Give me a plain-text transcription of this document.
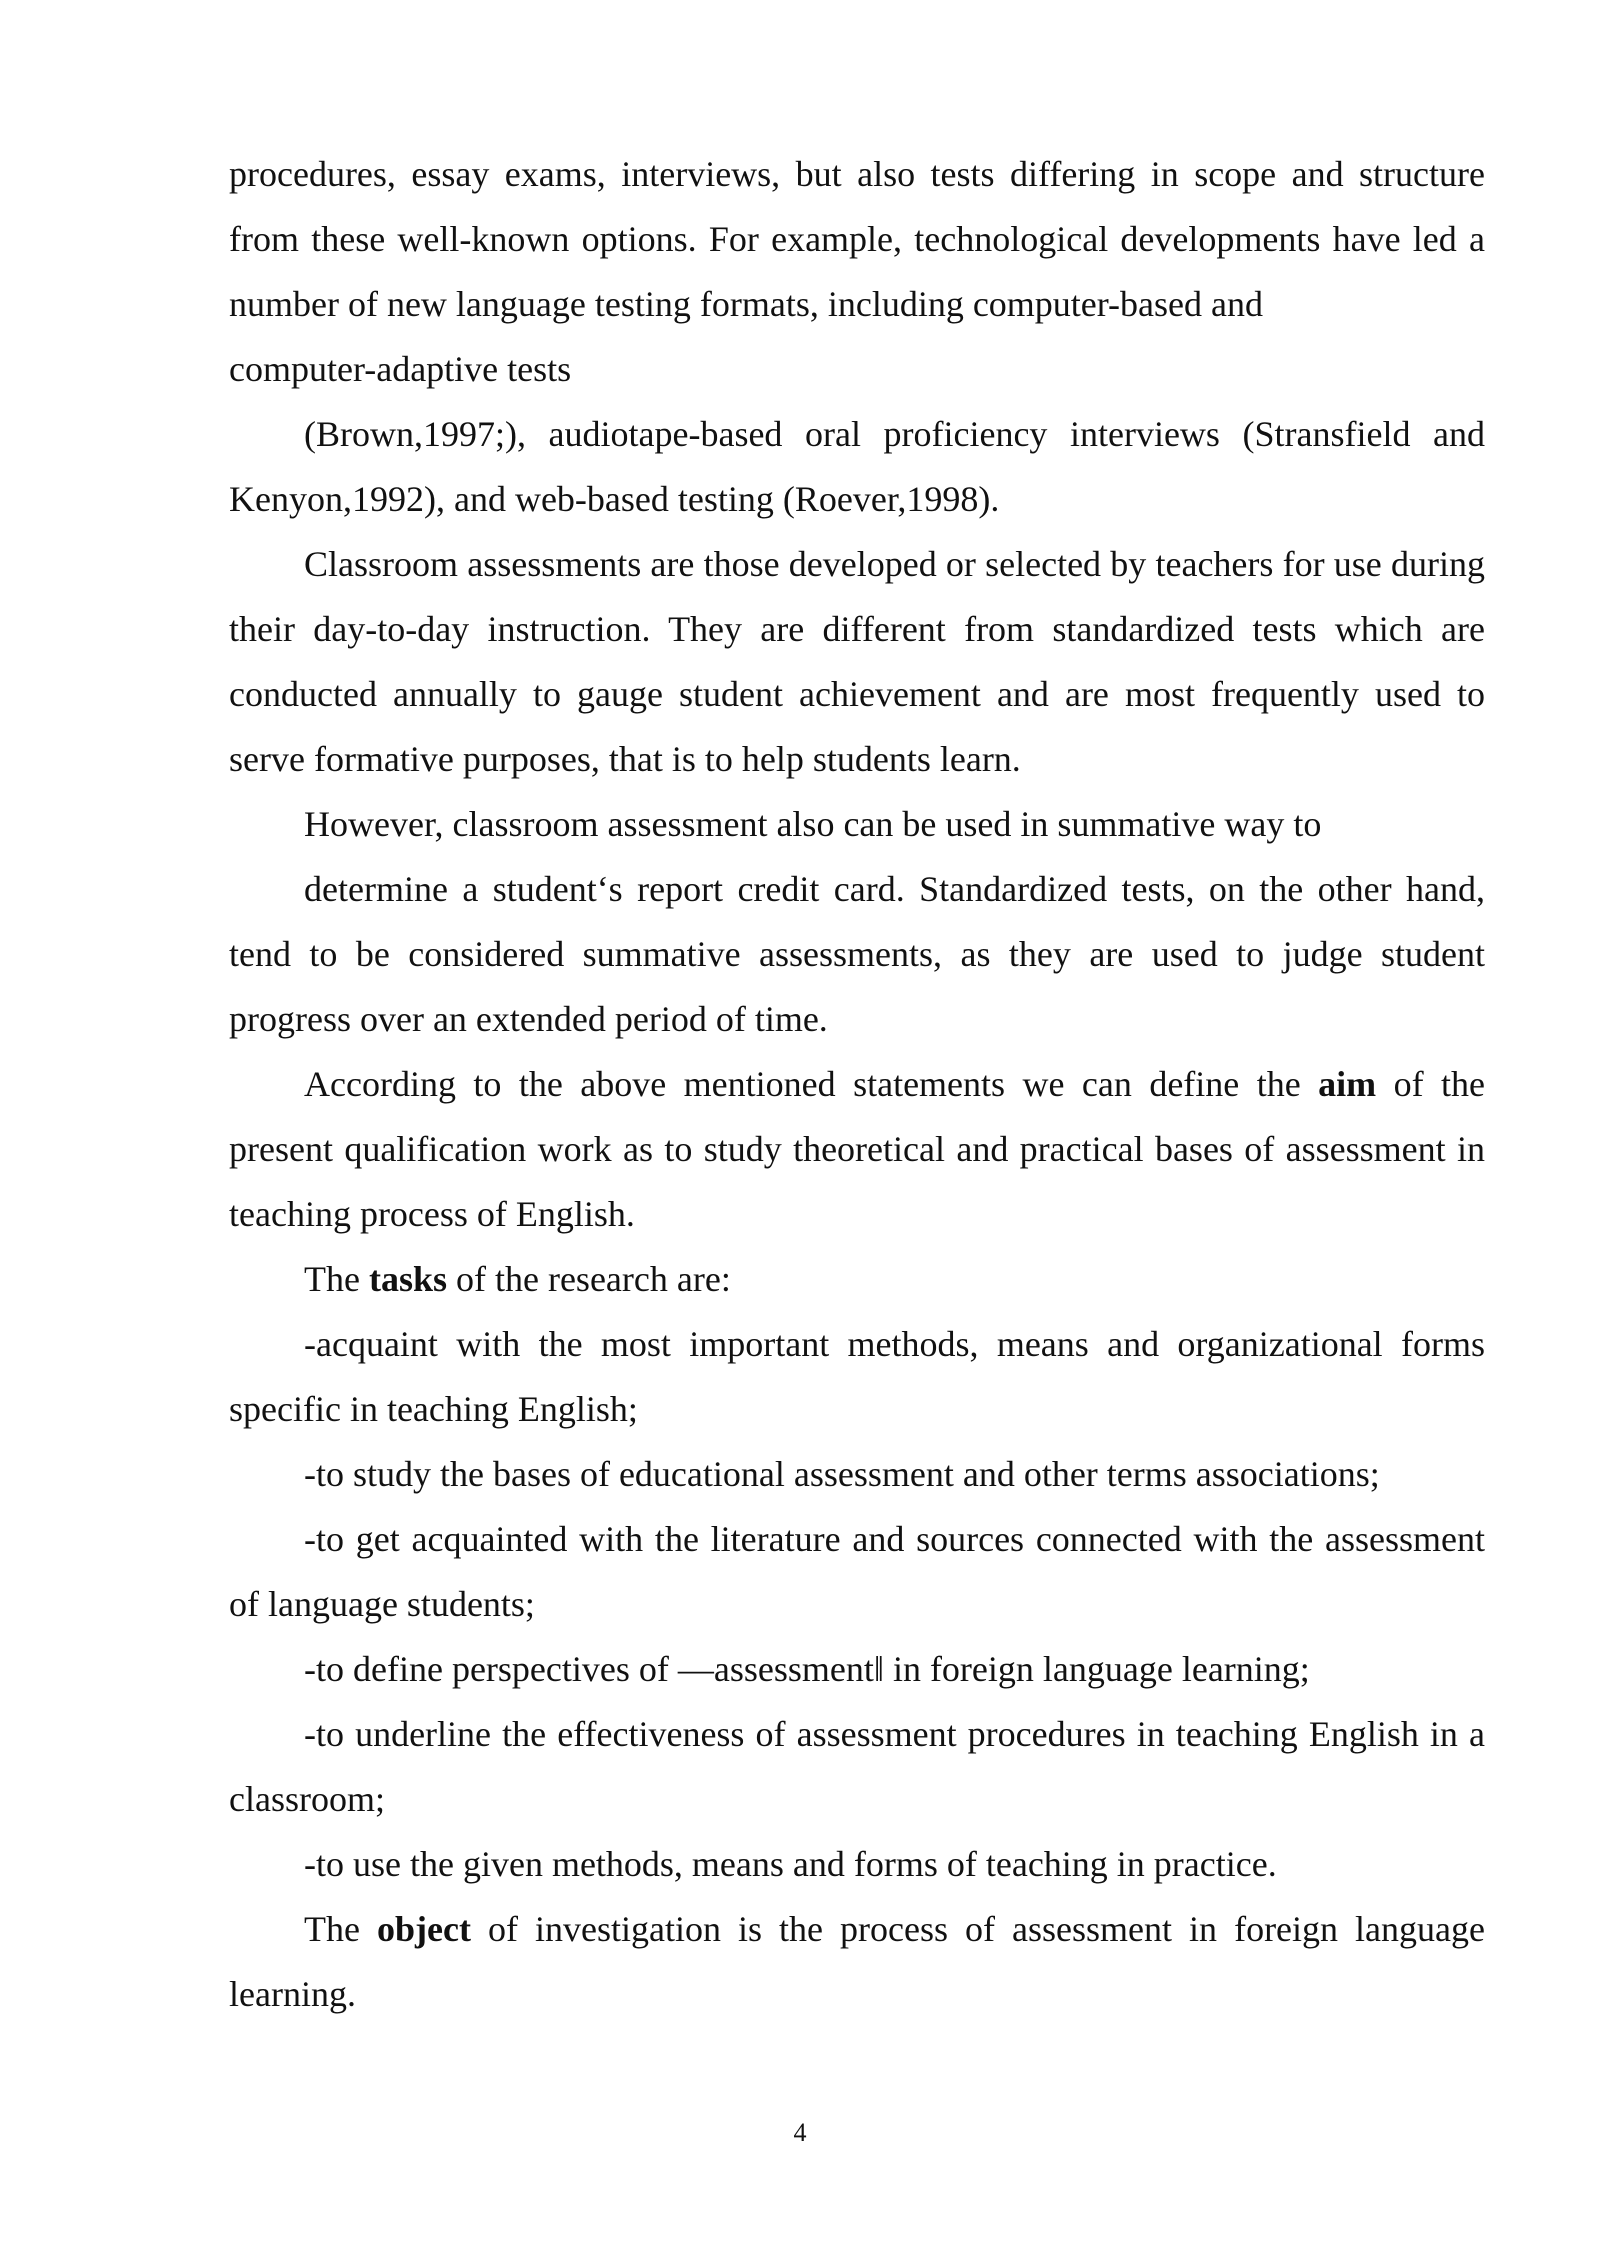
procedures, essay exams, interviews, but also tests differing in scope and structure from these well-known options. For example, technological developments have led a number of new language testing formats, including computer-based and

computer-adaptive tests

(Brown,1997;), audiotape-based oral proficiency interviews (Stransfield and Kenyon,1992), and web-based testing (Roever,1998).

Classroom assessments are those developed or selected by teachers for use during their day-to-day instruction. They are different from standardized tests which are conducted annually to gauge student achievement and are most frequently used to serve formative purposes, that is to help students learn.

However, classroom assessment also can be used in summative way to

determine a student‘s report credit card. Standardized tests, on the other hand, tend to be considered summative assessments, as they are used to judge student progress over an extended period of time.

According to the above mentioned statements we can define the aim of the present qualification work as to study theoretical and practical bases of assessment in teaching process of English.

The tasks of the research are:

-acquaint with the most important methods, means and organizational forms specific in teaching English;

-to study the bases of educational assessment and other terms associations;

-to get acquainted with the literature and sources connected with the assessment of language students;

-to define perspectives of ―assessment‖ in foreign language learning;

-to underline the effectiveness of assessment procedures in teaching English in a classroom;

-to use the given methods, means and forms of teaching in practice.

The object of investigation is the process of assessment in foreign language learning.

4
